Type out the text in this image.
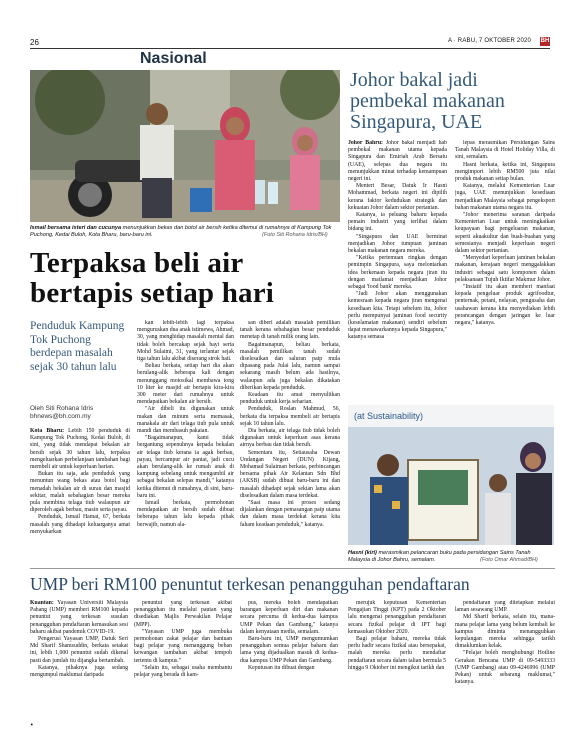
26
Nasional
A · RABU, 7 OKTOBER 2020 BH
Ismail bersama isteri dan cucunya menunjukkan bekas dan botol air bersih ketika ditemui di rumahnya di Kampung Tok Puchong, Kedai Buloh, Kota Bharu, baru-baru ini.	(Foto Siti Rohana Idris/BH)
Terpaksa beli air
bertapis setiap hari
Penduduk Kampung Tok Puchong berdepan masalah sejak 30 tahun lalu
Oleh Siti Rohana Idris
bhnews@bh.com.my

Kota Bharu: Lebih 150 penduduk di Kampung Tok Puchong, Kedai Buloh, di sini, yang tidak mendapat bekalan air bersih sejak 30 tahun lalu, terpaksa mengeluarkan perbelanjaan tambahan bagi membeli air untuk keperluan harian.

Bukan itu saja, ada penduduk yang menuntun wang bekas atau botol bagi menadah bekalan air di surau dan masjid sekitar, malah sebahagian besar mereka pula membina telaga tiub walaupun air diperoleh agak berbau, masin serta payau.

Penduduk, Ismail Hamat, 67, berkata masalah yang dihadapi keluarganya amat menyukarkan

kan lebih-lebih lagi terpaksa menguruskan dua anak istimewa, Ahmad, 30, yang menghidap masalah mental dan tidak boleh bercakap sejak bayi serta Mohd Sulaimi, 31, yang terlantar sejak tiga tahun lalu akibat diserang strok hati.

Beliau berkata, setiap hari dia akan berulang-alik beberapa kali dengan menunggang motosikal membawa tong 10 liter ke masjid air bertapis kira-kira 300 meter dari rumahnya untuk mendapatkan bekalan air bersih.

"Air dibeli itu digunakan untuk makan dan minum serta memasak, manakala air dari telaga tiub pula untuk mandi dan membasuh pakaian.

"Bagaimanapun, kami tidak bergantung sepenuhnya kepada bekalan air telaga tiub kerana ia agak berbau, payau, bercampur air pantai, jadi cucu akan berulang-alik ke rumah anak di kampung sebelang untuk mengambil air sebagai bekalan selepas mandi," katanya ketika ditemui di rumahnya, di sini, baru-baru ini.

Ismail berkata, permohonan mendapatkan air bersih sudah dibuat beberapa tahun lalu kepada pihak berwajib, namun ala-

san diberi adalah masalah pemilikan tanah kerana sebahagian besar penduduk menetap di tanah milik orang lain.

Bagaimanapun, beliau berkata, masalah pemilikan tanah sudah diselesaikan dan saluran paip mula dipasang pada Julai lalu, namun sampai sekarang masih belum ada hasilnya, walaupun ada juga bekalan dikatakan diberikan kepada penduduk.

Keadaan itu amat menyulitkan penduduk untuk kerja seharian.

Penduduk, Roslan Mahmud, 56, berkata dia terpaksa membeli air bertapis sejak 10 tahun lalu.

Dia berkata, air telaga tiub tidak boleh digunakan untuk keperluan asas kerana airnya berbau dan tidak bersih.

Sementara itu, Setiausaha Dewan Undangan Negeri (DUN) Kijang, Mohamad Sulaiman berkata, perbincangan bersama pihak Air Kelantan Sdn Bhd (AKSB) sudah dibuat baru-baru ini dan masalah dihadapi sejak sekian lama akan diselesaikan dalam masa terdekat.

"Saat masa ini proses sedang dijalankan dengan pemasangan paip utama dan dalam masa terdekat kerana kita faham keadaan penduduk," katanya.

Johor bakal jadi
pembekal makanan
Singapura, UAE

Johor Bahru: Johor bakal menjadi hab pembekal makanan utama kepada Singapura dan Emiriah Arab Bersatu (UAE), selepas dua negara itu menunjukkan minat terhadap kemampuan negeri ini.

Menteri Besar, Datuk Ir Hasni Mohammad, berkata negeri ini dipilih kerana faktor kedudukan strategik dan kekuatan Johor dalam sektor pertanian.

Katanya, ia peluang baharu kepada pemain industri yang terlibat dalam bidang ini.

"Singapura dan UAE berminat menjadikan Johor tumpuan jaminan bekalan makanan negara mereka.

"Ketika pertemuan ringkas dengan pemimpin Singapura, saya melontarkan idea berkenaan kepada negara jiran itu dengan matlamat menjadikan Johor sebagai 'food bank' mereka.

"Jadi Johor akan menggunakan kemesraan kepada negara jiran mengenai kesediaan kita. Tetapi sebelum itu, Johor perlu mempunyai jaminan food security (keselamatan makanan) sendiri sebelum dapat menawarkannya kepada Singapura," katanya semasa

lepas merasmikan Persidangan Sains Tanah Malaysia di Hotel Holiday Villa, di sini, semalam.

Hasni berkata, ketika ini, Singapura mengimport lebih RM500 juta nilai produk makanan setiap bulan.

Katanya, melalui Kementerian Luar juga, UAE menunjukkan kesediaan menjadikan Malaysia sebagai pengeksport bahan makanan utama negara itu.

"Johor menerima saranan daripada Kementerian Luar untuk meningkatkan keupayaan bagi pengeluaran makanan, seperti akuakultur dan buah-buahan yang semesianya menjadi keperluan negeri dalam sektor pertanian.

"Menyedari keperluan jaminan bekalan makanan, kerajaan negeri menggalakkan industri sebagai satu komponen dalam pelaksanaan Tujuh Iktifar Makmur Johor.

"Insiatif itu akan memberi manfaat kepada pengeluar produk agrifoodtur, penternak, petani, nelayan, pengusaha dan usahawan kerana kita menyediakan lebih perancangan dengan jaringan ke luar negara," katanya.

(at Sustainability)
Hasni (kiri) merasmikan pelancaran buku pada persidangan Sains Tanah Malaysia di Johor Bahru, semalam.	(Foto Omar Ahmad/BH)
UMP beri RM100 penuntut terkesan penangguhan pendaftaran

Kuantan: Yayasan Universiti Malaysia Pahang (UMP) memberi RM100 kepada penuntut yang terkesan susulan penangguhan pendaftaran kemasukan sesi baharu akibat pandemik COVID-19.

Pengerusi Yayasan UMP, Datuk Seri Md Sharif Shamsuddin, berkata setakat ini, lebih 1,000 penuntut sudah dikenal pasti dan jumlah itu dijangka bertambah.

Katanya, pihaknya juga sedang mengumpul maklumat daripada

penuntut yang terkesan akibat penangguhan itu melalui pautan yang disediakan Majlis Perwakilan Pelajar (MPP).

"Yayasan UMP juga membuka permohonan zakat pelajar dan bantuan bagi pelajar yang menanggung beban kewangan tambahan akibat tempoh tertentu di kampus."

"Selain itu, sebagai usaha membantu pelajar yang berada di kam-

pus, mereka boleh mendapatkan barangan keperluan diri dan makanan secara percuma di kedua-dua kampus UMP Pekan dan Gambang," katanya dalam kenyataan media, semalam.

Baru-baru ini, UMP mengumumkan penangguhan semua pelajar baharu dan lama yang dijadualkan masuk di kedua-dua kampus UMP Pekan dan Gambang.

Keputusan itu dibuat dengan

merujuk keputusan Kementerian Pengajian Tinggi (KPT) pada 2 Oktober lalu mengenai penangguhan pendaftaran secara fizikal pelajar di IPT bagi kemasukan Oktober 2020.

Bagi pelajar baharu, mereka tidak perlu hadir secara fizikal atau bersepakat, malah mereka perlu mendaftar pendaftaran secara dalam talian bermula 5 hingga 9 Oktober ini mengikut tarikh dan

pendaftaran yang ditetapkan melalui laman sesawang UMP.

Md Sharif berkata, selain itu, mana-mana pelajar lama yang belum kembali ke kampus diminta menangguhkan kepulangan mereka sehingga tarikh dimaklumkan kelak.

"Pelajar boleh menghubungi Hotline Gerakan Bencana UMP di 09-5493333 (UMP Gambang) atau 09-4246996 (UMP Pekan) untuk sebarang maklumat," katanya.

•
